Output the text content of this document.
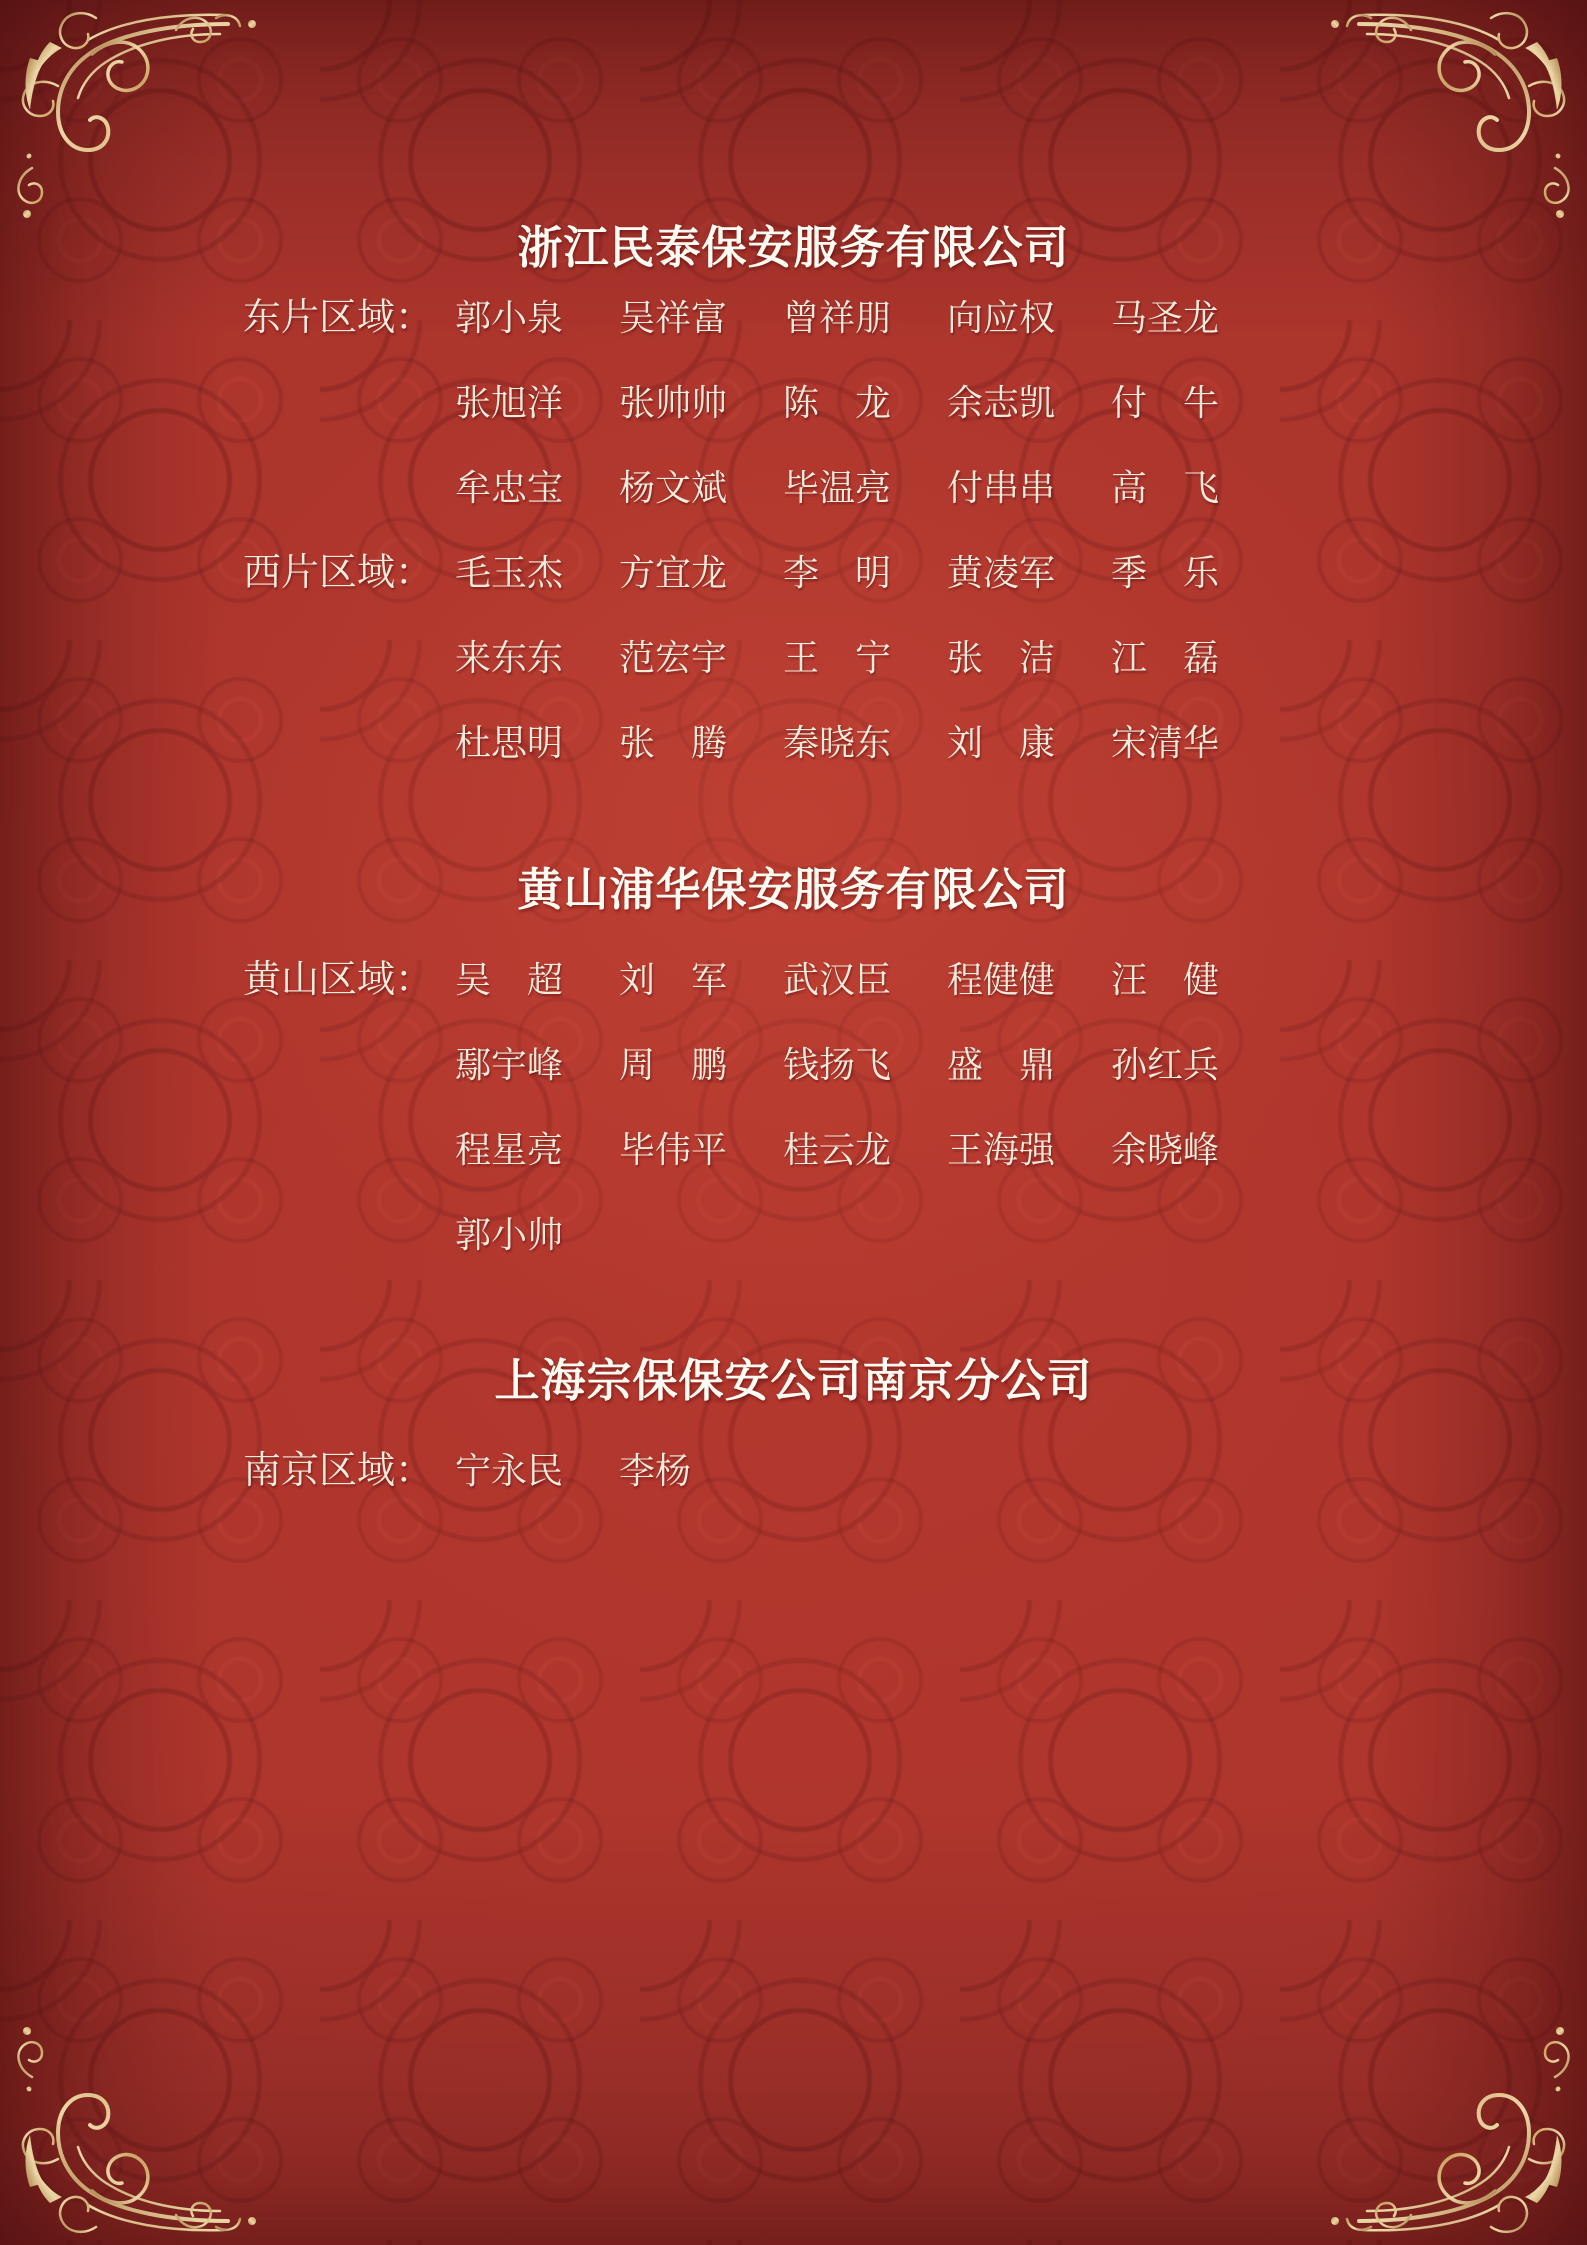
浙江民泰保安服务有限公司
东片区域： 郭小泉 吴祥富 曾祥朋 向应权 马圣龙
张旭洋 张帅帅 陈　龙 余志凯 付　牛
牟忠宝 杨文斌 毕温亮 付串串 高　飞
西片区域： 毛玉杰 方宜龙 李　明 黄凌军 季　乐
来东东 范宏宇 王　宁 张　洁 江　磊
杜思明 张　腾 秦晓东 刘　康 宋清华
黄山浦华保安服务有限公司
黄山区域： 吴　超 刘　军 武汉臣 程健健 汪　健
鄢宇峰 周　鹏 钱扬飞 盛　鼎 孙红兵
程星亮 毕伟平 桂云龙 王海强 余晓峰
郭小帅
上海宗保保安公司南京分公司
南京区域： 宁永民 李杨
